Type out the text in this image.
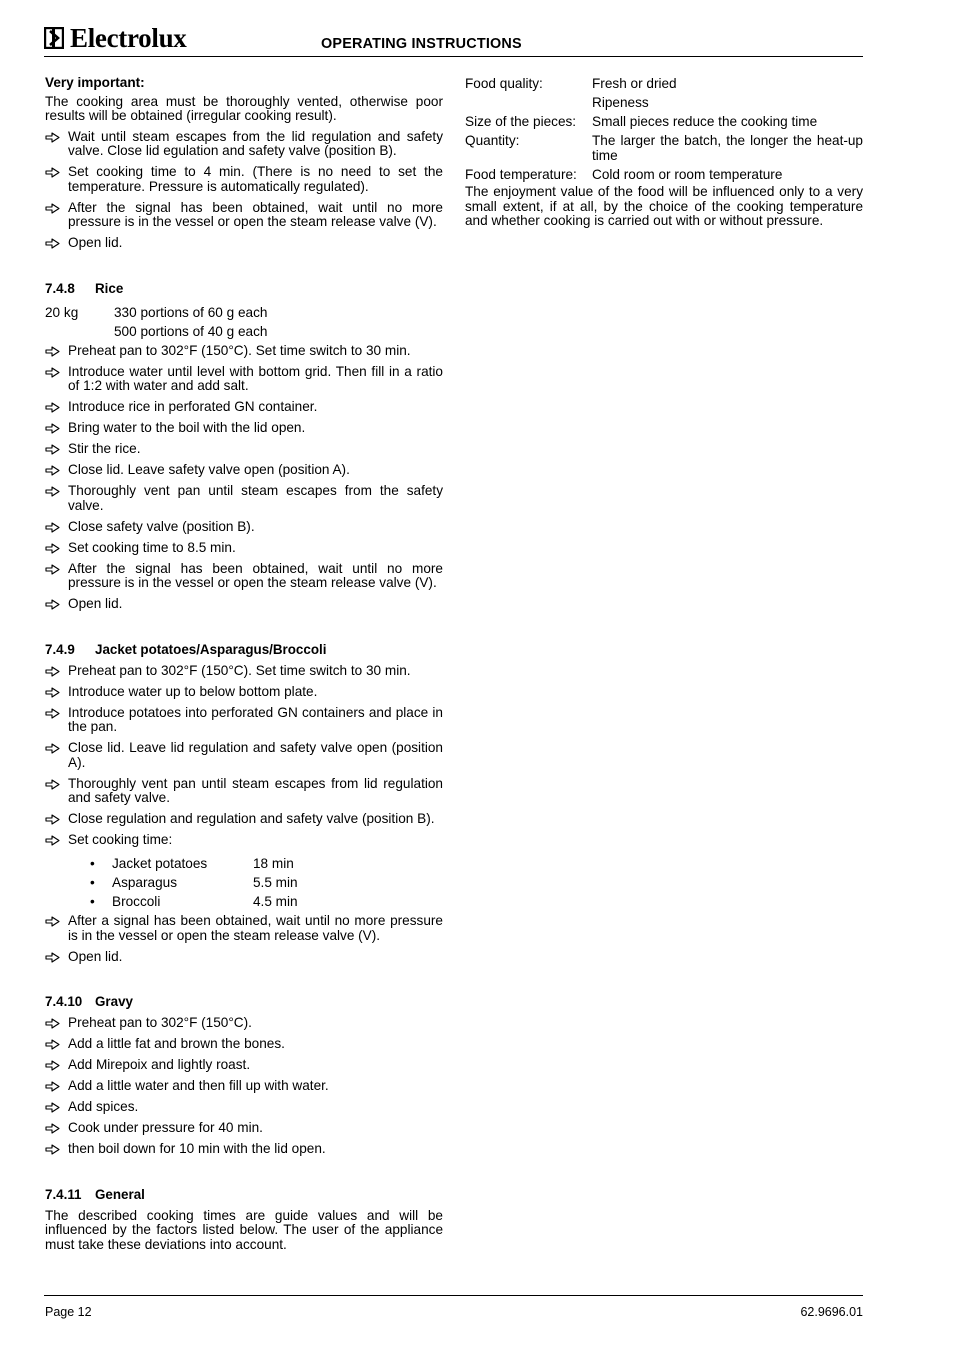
Electrolux	OPERATING INSTRUCTIONS
Very important:
The cooking area must be thoroughly vented, otherwise poor results will be obtained (irregular cooking result).
Wait until steam escapes from the lid regulation and safety valve. Close lid egulation and safety valve (position B).
Set cooking time to 4 min. (There is no need to set the temperature. Pressure is automatically regulated).
After the signal has been obtained, wait until no more pressure is in the vessel or open the steam release valve (V).
Open lid.
7.4.8 Rice
20 kg	330 portions of 60 g each
500 portions of 40 g each
Preheat pan to 302°F (150°C). Set time switch to 30 min.
Introduce water until level with bottom grid. Then fill in a ratio of 1:2 with water and add salt.
Introduce rice in perforated GN container.
Bring water to the boil with the lid open.
Stir the rice.
Close lid. Leave safety valve open (position A).
Thoroughly vent pan until steam escapes from the safety valve.
Close safety valve (position B).
Set cooking time to 8.5 min.
After the signal has been obtained, wait until no more pressure is in the vessel or open the steam release valve (V).
Open lid.
7.4.9 Jacket potatoes/Asparagus/Broccoli
Preheat pan to 302°F (150°C). Set time switch to 30 min.
Introduce water up to below bottom plate.
Introduce potatoes into perforated GN containers and place in the pan.
Close lid. Leave lid regulation and safety valve open (position A).
Thoroughly vent pan until steam escapes from lid regulation and safety valve.
Close regulation and regulation and safety valve (position B).
Set cooking time:
•	Jacket potatoes	18 min
•	Asparagus	5.5 min
•	Broccoli	4.5 min
After a signal has been obtained, wait until no more pressure is in the vessel or open the steam release valve (V).
Open lid.
7.4.10 Gravy
Preheat pan to 302°F (150°C).
Add a little fat and brown the bones.
Add Mirepoix and lightly roast.
Add a little water and then fill up with water.
Add spices.
Cook under pressure for 40 min.
then boil down for 10 min with the lid open.
7.4.11 General
The described cooking times are guide values and will be influenced by the factors listed below. The user of the appliance must take these deviations into account.
Food quality:	Fresh or dried
Ripeness
Size of the pieces:	Small pieces reduce the cooking time
Quantity:	The larger the batch, the longer the heat-up time
Food temperature:	Cold room or room temperature
The enjoyment value of the food will be influenced only to a very small extent, if at all, by the choice of the cooking temperature and whether cooking is carried out with or without pressure.
Page 12	62.9696.01
